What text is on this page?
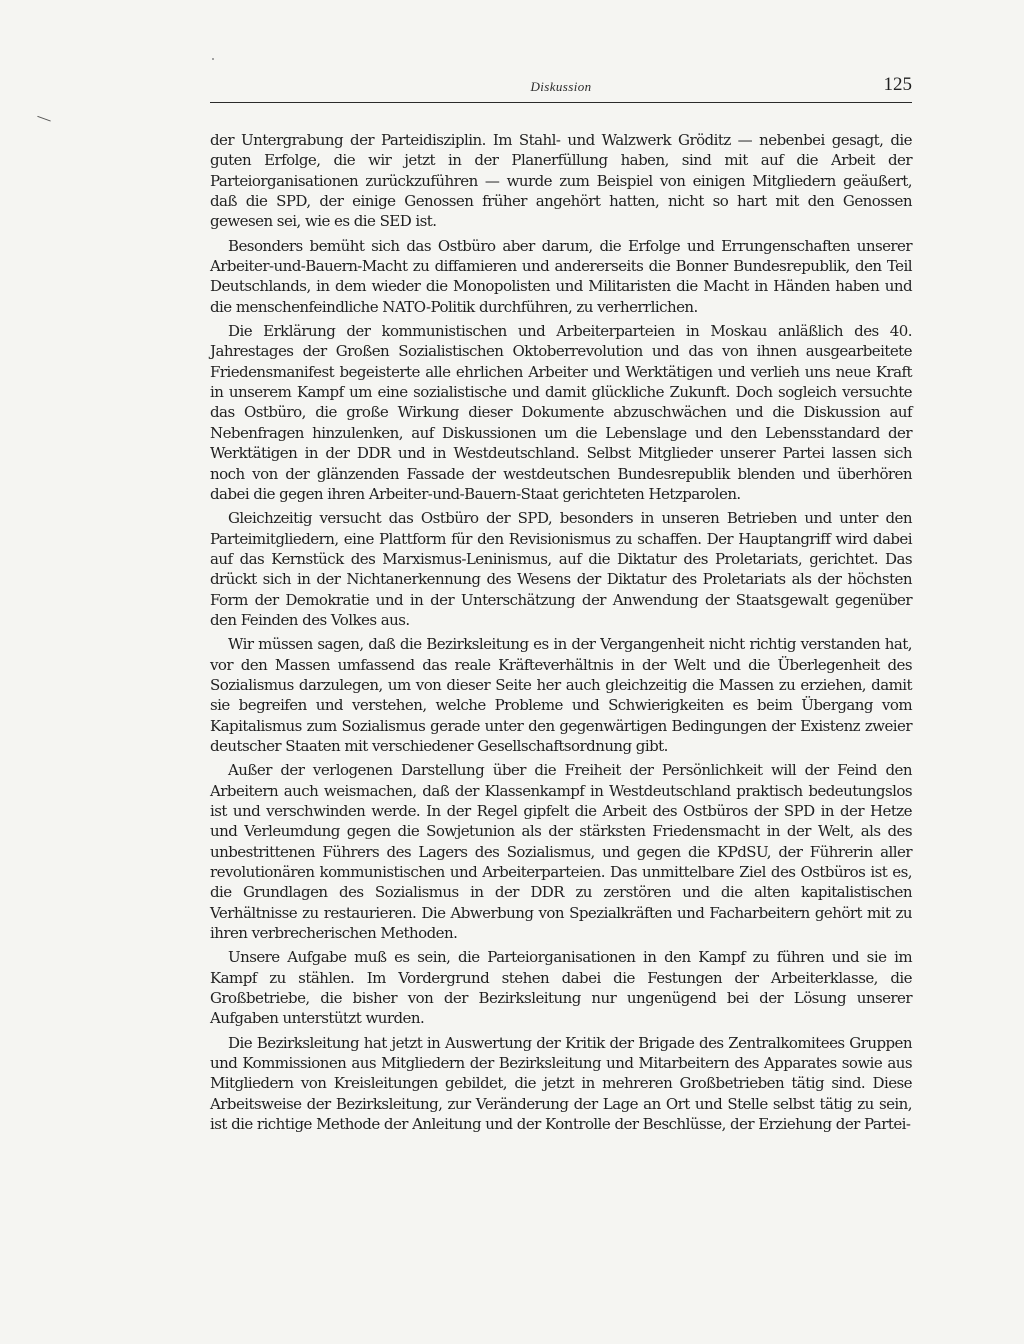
Diskussion	125

der Untergrabung der Parteidisziplin. Im Stahl- und Walzwerk Gröditz — nebenbei gesagt, die guten Erfolge, die wir jetzt in der Planerfüllung haben, sind mit auf die Arbeit der Parteiorganisationen zurückzuführen — wurde zum Beispiel von einigen Mitgliedern geäußert, daß die SPD, der einige Genossen früher angehört hatten, nicht so hart mit den Genossen gewesen sei, wie es die SED ist.

Besonders bemüht sich das Ostbüro aber darum, die Erfolge und Errungenschaften unserer Arbeiter-und-Bauern-Macht zu diffamieren und andererseits die Bonner Bundesrepublik, den Teil Deutschlands, in dem wieder die Monopolisten und Militaristen die Macht in Händen haben und die menschenfeindliche NATO-Politik durchführen, zu verherrlichen.

Die Erklärung der kommunistischen und Arbeiterparteien in Moskau anläßlich des 40. Jahrestages der Großen Sozialistischen Oktoberrevolution und das von ihnen ausgearbeitete Friedensmanifest begeisterte alle ehrlichen Arbeiter und Werktätigen und verlieh uns neue Kraft in unserem Kampf um eine sozialistische und damit glückliche Zukunft. Doch sogleich versuchte das Ostbüro, die große Wirkung dieser Dokumente abzuschwächen und die Diskussion auf Nebenfragen hinzulenken, auf Diskussionen um die Lebenslage und den Lebensstandard der Werktätigen in der DDR und in Westdeutschland. Selbst Mitglieder unserer Partei lassen sich noch von der glänzenden Fassade der westdeutschen Bundesrepublik blenden und überhören dabei die gegen ihren Arbeiter-und-Bauern-Staat gerichteten Hetzparolen.

Gleichzeitig versucht das Ostbüro der SPD, besonders in unseren Betrieben und unter den Parteimitgliedern, eine Plattform für den Revisionismus zu schaffen. Der Hauptangriff wird dabei auf das Kernstück des Marxismus-Leninismus, auf die Diktatur des Proletariats, gerichtet. Das drückt sich in der Nichtanerkennung des Wesens der Diktatur des Proletariats als der höchsten Form der Demokratie und in der Unterschätzung der Anwendung der Staatsgewalt gegenüber den Feinden des Volkes aus.

Wir müssen sagen, daß die Bezirksleitung es in der Vergangenheit nicht richtig verstanden hat, vor den Massen umfassend das reale Kräfteverhältnis in der Welt und die Überlegenheit des Sozialismus darzulegen, um von dieser Seite her auch gleichzeitig die Massen zu erziehen, damit sie begreifen und verstehen, welche Probleme und Schwierigkeiten es beim Übergang vom Kapitalismus zum Sozialismus gerade unter den gegenwärtigen Bedingungen der Existenz zweier deutscher Staaten mit verschiedener Gesellschaftsordnung gibt.

Außer der verlogenen Darstellung über die Freiheit der Persönlichkeit will der Feind den Arbeitern auch weismachen, daß der Klassenkampf in Westdeutschland praktisch bedeutungslos ist und verschwinden werde. In der Regel gipfelt die Arbeit des Ostbüros der SPD in der Hetze und Verleumdung gegen die Sowjetunion als der stärksten Friedensmacht in der Welt, als des unbestrittenen Führers des Lagers des Sozialismus, und gegen die KPdSU, der Führerin aller revolutionären kommunistischen und Arbeiterparteien. Das unmittelbare Ziel des Ostbüros ist es, die Grundlagen des Sozialismus in der DDR zu zerstören und die alten kapitalistischen Verhältnisse zu restaurieren. Die Abwerbung von Spezialkräften und Facharbeitern gehört mit zu ihren verbrecherischen Methoden.

Unsere Aufgabe muß es sein, die Parteiorganisationen in den Kampf zu führen und sie im Kampf zu stählen. Im Vordergrund stehen dabei die Festungen der Arbeiterklasse, die Großbetriebe, die bisher von der Bezirksleitung nur ungenügend bei der Lösung unserer Aufgaben unterstützt wurden.

Die Bezirksleitung hat jetzt in Auswertung der Kritik der Brigade des Zentralkomitees Gruppen und Kommissionen aus Mitgliedern der Bezirksleitung und Mitarbeitern des Apparates sowie aus Mitgliedern von Kreisleitungen gebildet, die jetzt in mehreren Großbetrieben tätig sind. Diese Arbeitsweise der Bezirksleitung, zur Veränderung der Lage an Ort und Stelle selbst tätig zu sein, ist die richtige Methode der Anleitung und der Kontrolle der Beschlüsse, der Erziehung der Partei-
